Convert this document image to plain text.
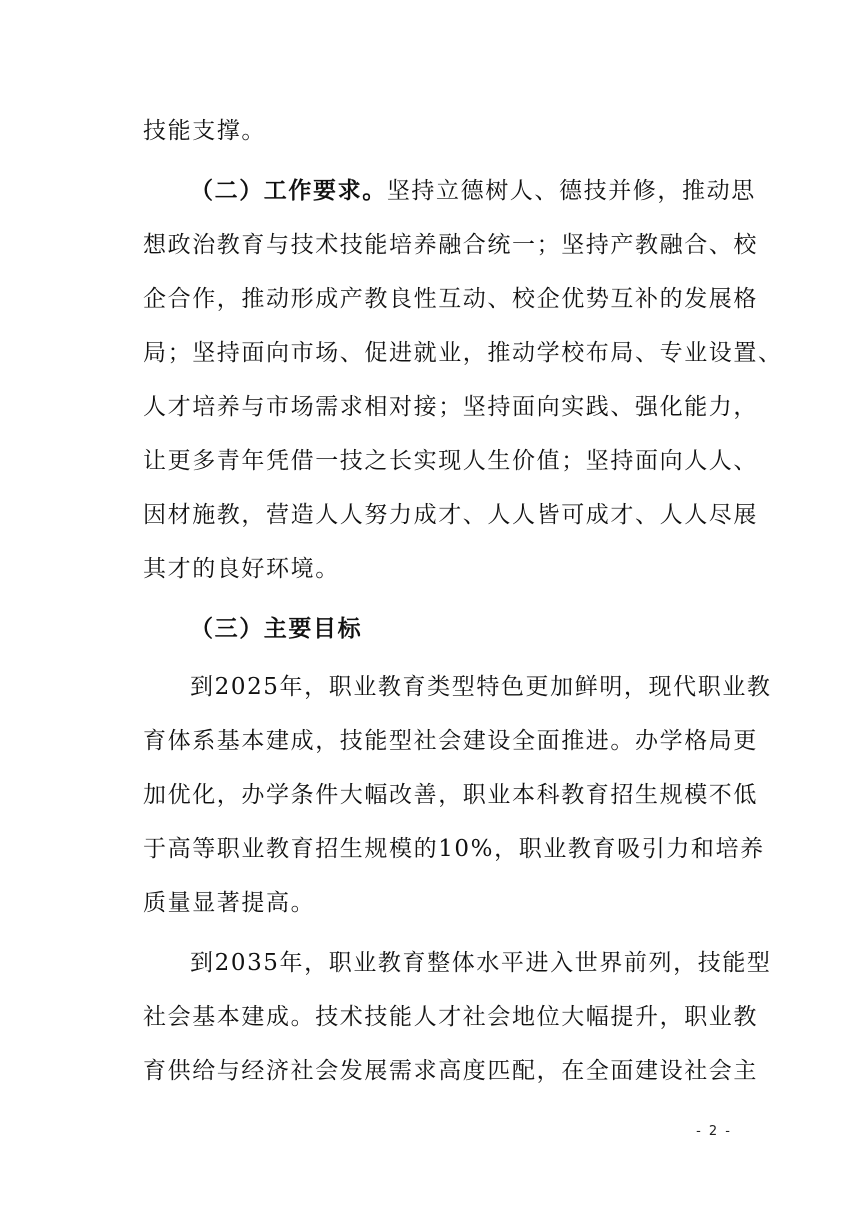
技能支撑。
（二）工作要求。坚持立德树人、德技并修，推动思
想政治教育与技术技能培养融合统一；坚持产教融合、校
企合作，推动形成产教良性互动、校企优势互补的发展格
局；坚持面向市场、促进就业，推动学校布局、专业设置、
人才培养与市场需求相对接；坚持面向实践、强化能力，
让更多青年凭借一技之长实现人生价值；坚持面向人人、
因材施教，营造人人努力成才、人人皆可成才、人人尽展
其才的良好环境。
（三）主要目标
到2025年，职业教育类型特色更加鲜明，现代职业教
育体系基本建成，技能型社会建设全面推进。办学格局更
加优化，办学条件大幅改善，职业本科教育招生规模不低
于高等职业教育招生规模的10%，职业教育吸引力和培养
质量显著提高。
到2035年，职业教育整体水平进入世界前列，技能型
社会基本建成。技术技能人才社会地位大幅提升，职业教
育供给与经济社会发展需求高度匹配，在全面建设社会主
- 2 -
